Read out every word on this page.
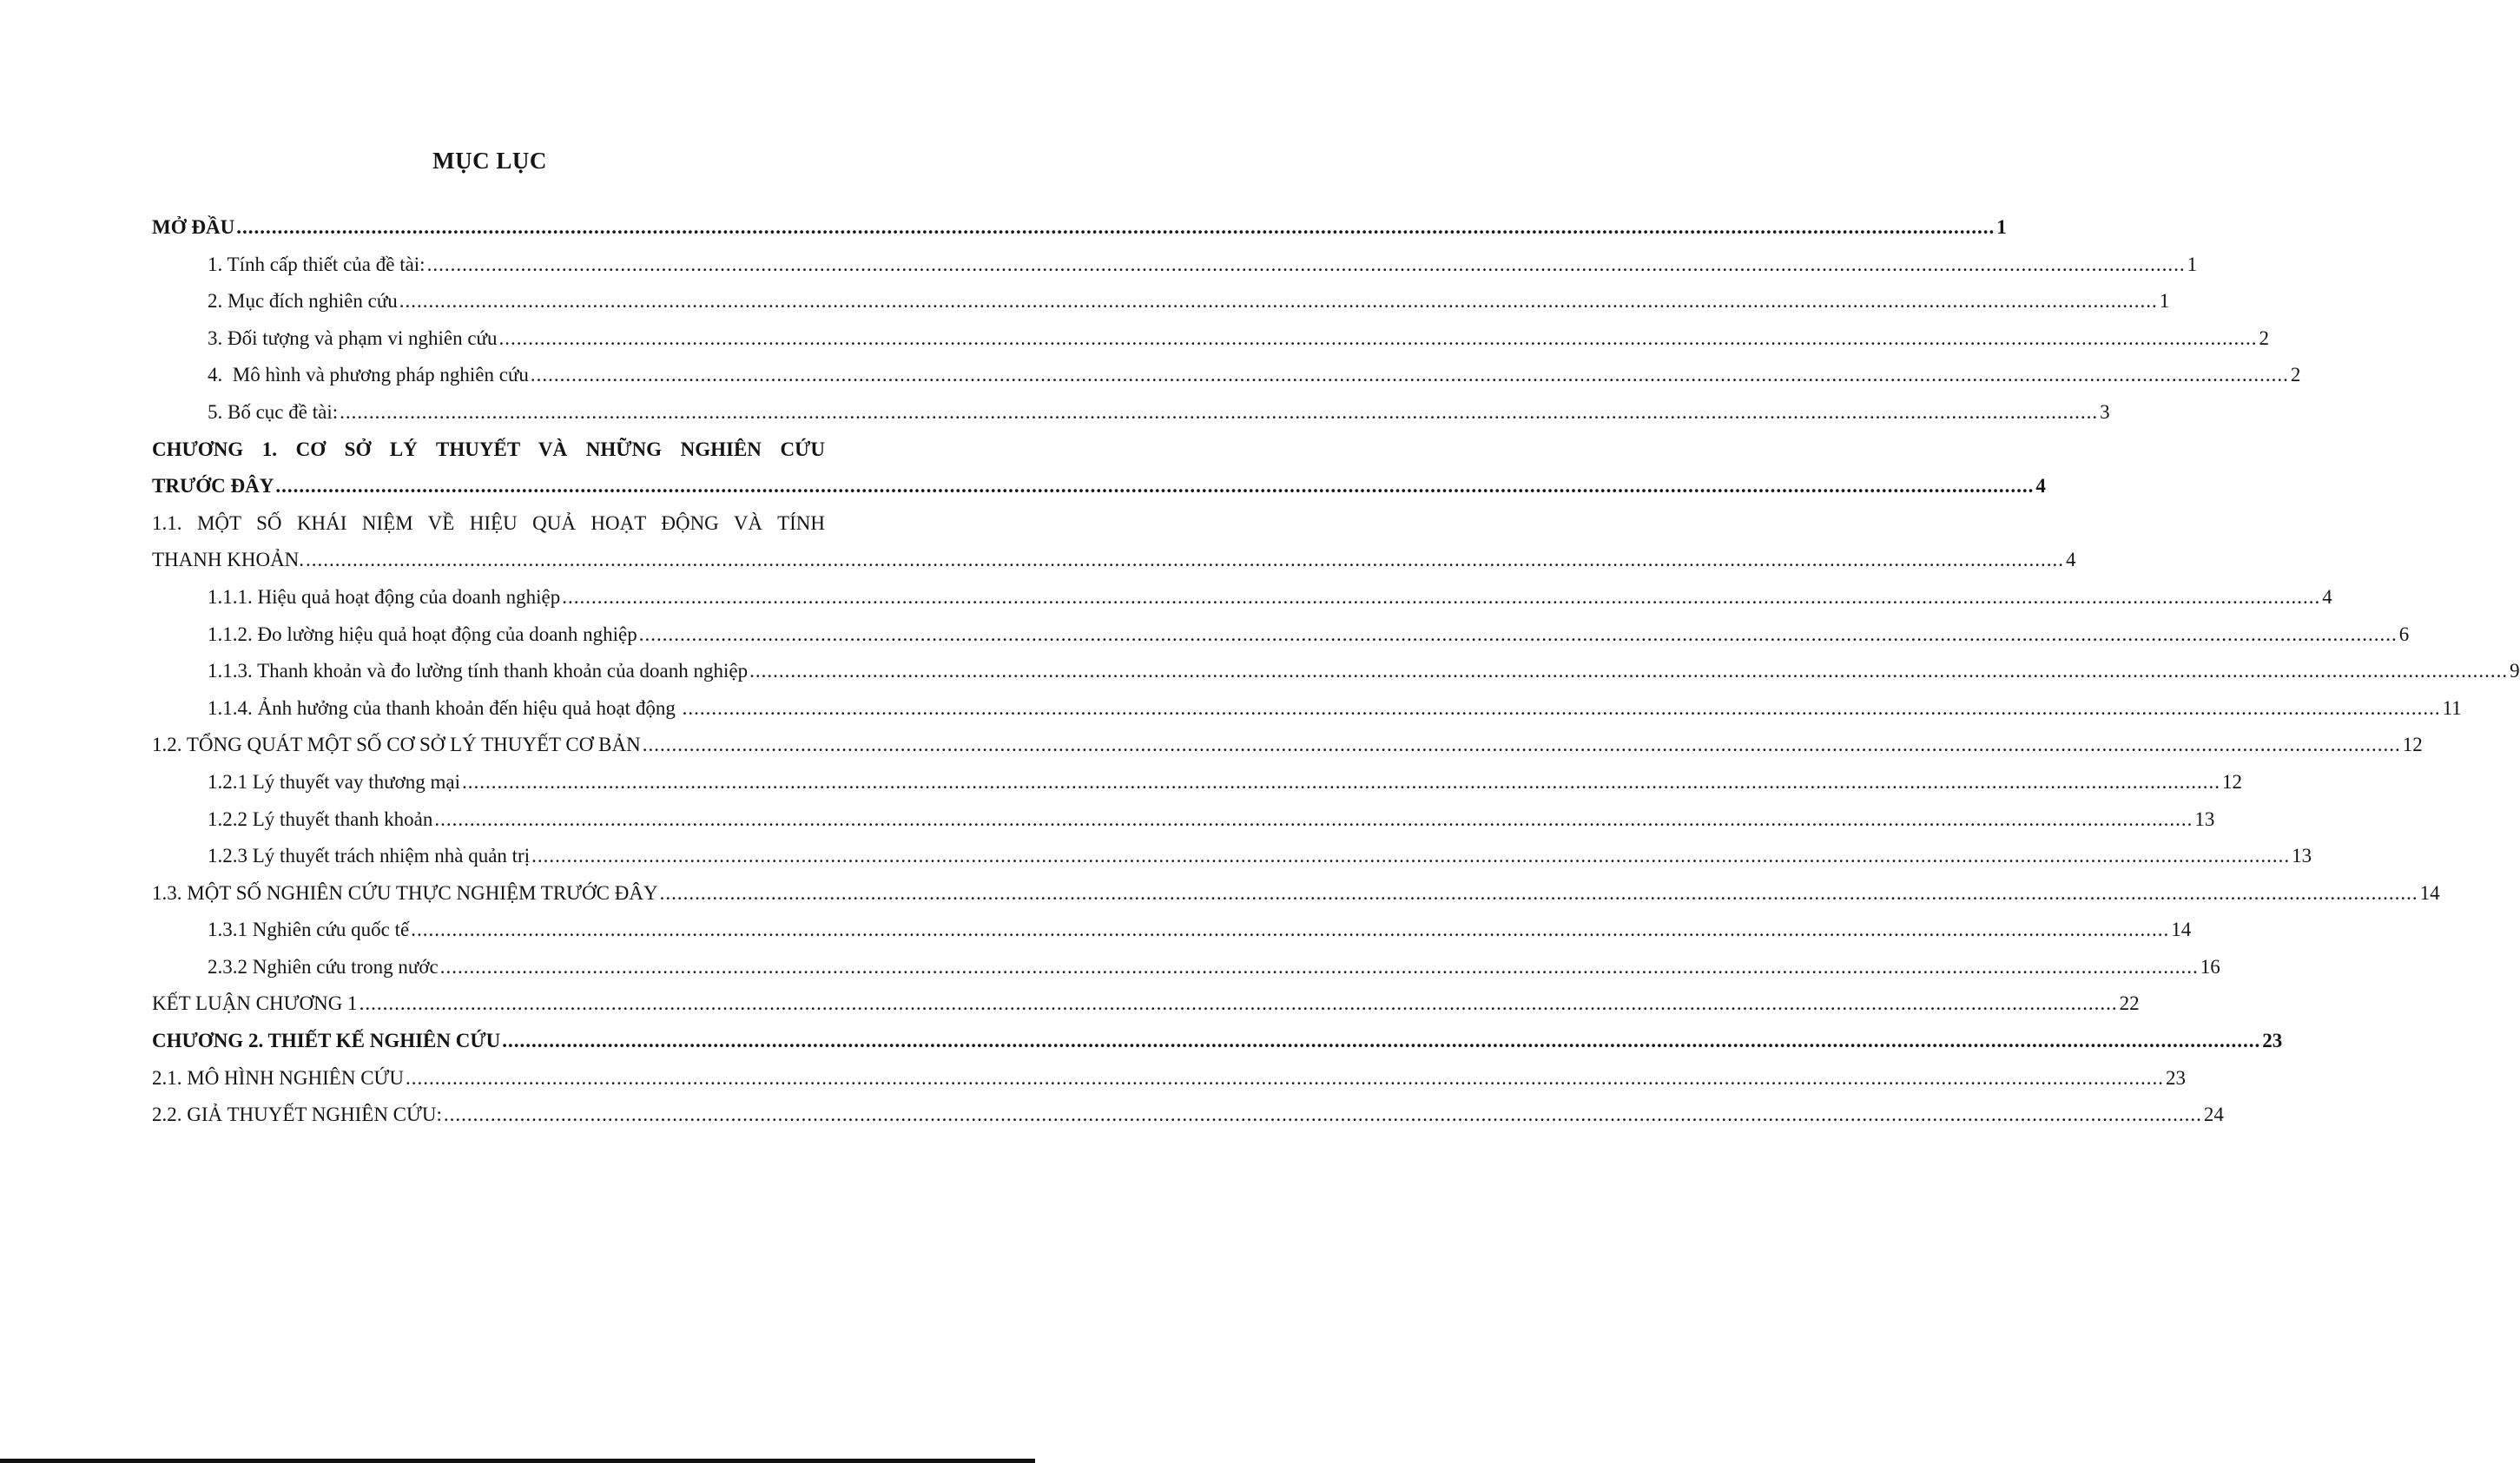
MỤC LỤC
MỞ ĐẦU ............................................................................................................................................................................................................................................................................................................ 1
1. Tính cấp thiết của đề tài: ............................................................................................................................................................................................................................................................................................................ 1
2. Mục đích nghiên cứu ............................................................................................................................................................................................................................................................................................................ 1
3. Đối tượng và phạm vi nghiên cứu ............................................................................................................................................................................................................................................................................................................ 2
4.  Mô hình và phương pháp nghiên cứu ............................................................................................................................................................................................................................................................................................................ 2
5. Bố cục đề tài: ............................................................................................................................................................................................................................................................................................................ 3
CHƯƠNG 1. CƠ SỞ LÝ THUYẾT VÀ NHỮNG NGHIÊN CỨU
TRƯỚC ĐÂY ............................................................................................................................................................................................................................................................................................................ 4
1.1. MỘT SỐ KHÁI NIỆM VỀ HIỆU QUẢ HOẠT ĐỘNG VÀ TÍNH
THANH KHOẢN. ............................................................................................................................................................................................................................................................................................................ 4
1.1.1. Hiệu quả hoạt động của doanh nghiệp ............................................................................................................................................................................................................................................................................................................ 4
1.1.2. Đo lường hiệu quả hoạt động của doanh nghiệp ............................................................................................................................................................................................................................................................................................................ 6
1.1.3. Thanh khoản và đo lường tính thanh khoản của doanh nghiệp ............................................................................................................................................................................................................................................................................................................ 9
1.1.4. Ảnh hưởng của thanh khoản đến hiệu quả hoạt động ............................................................................................................................................................................................................................................................................................................ 11
1.2. TỔNG QUÁT MỘT SỐ CƠ SỞ LÝ THUYẾT CƠ BẢN ............................................................................................................................................................................................................................................................................................................ 12
1.2.1 Lý thuyết vay thương mại ............................................................................................................................................................................................................................................................................................................ 12
1.2.2 Lý thuyết thanh khoản ............................................................................................................................................................................................................................................................................................................ 13
1.2.3 Lý thuyết trách nhiệm nhà quản trị ............................................................................................................................................................................................................................................................................................................ 13
1.3. MỘT SỐ NGHIÊN CỨU THỰC NGHIỆM TRƯỚC ĐÂY ............................................................................................................................................................................................................................................................................................................ 14
1.3.1 Nghiên cứu quốc tế ............................................................................................................................................................................................................................................................................................................ 14
2.3.2 Nghiên cứu trong nước ............................................................................................................................................................................................................................................................................................................ 16
KẾT LUẬN CHƯƠNG 1 ............................................................................................................................................................................................................................................................................................................ 22
CHƯƠNG 2. THIẾT KẾ NGHIÊN CỨU ............................................................................................................................................................................................................................................................................................................ 23
2.1. MÔ HÌNH NGHIÊN CỨU ............................................................................................................................................................................................................................................................................................................ 23
2.2. GIẢ THUYẾT NGHIÊN CỨU: ............................................................................................................................................................................................................................................................................................................ 24
